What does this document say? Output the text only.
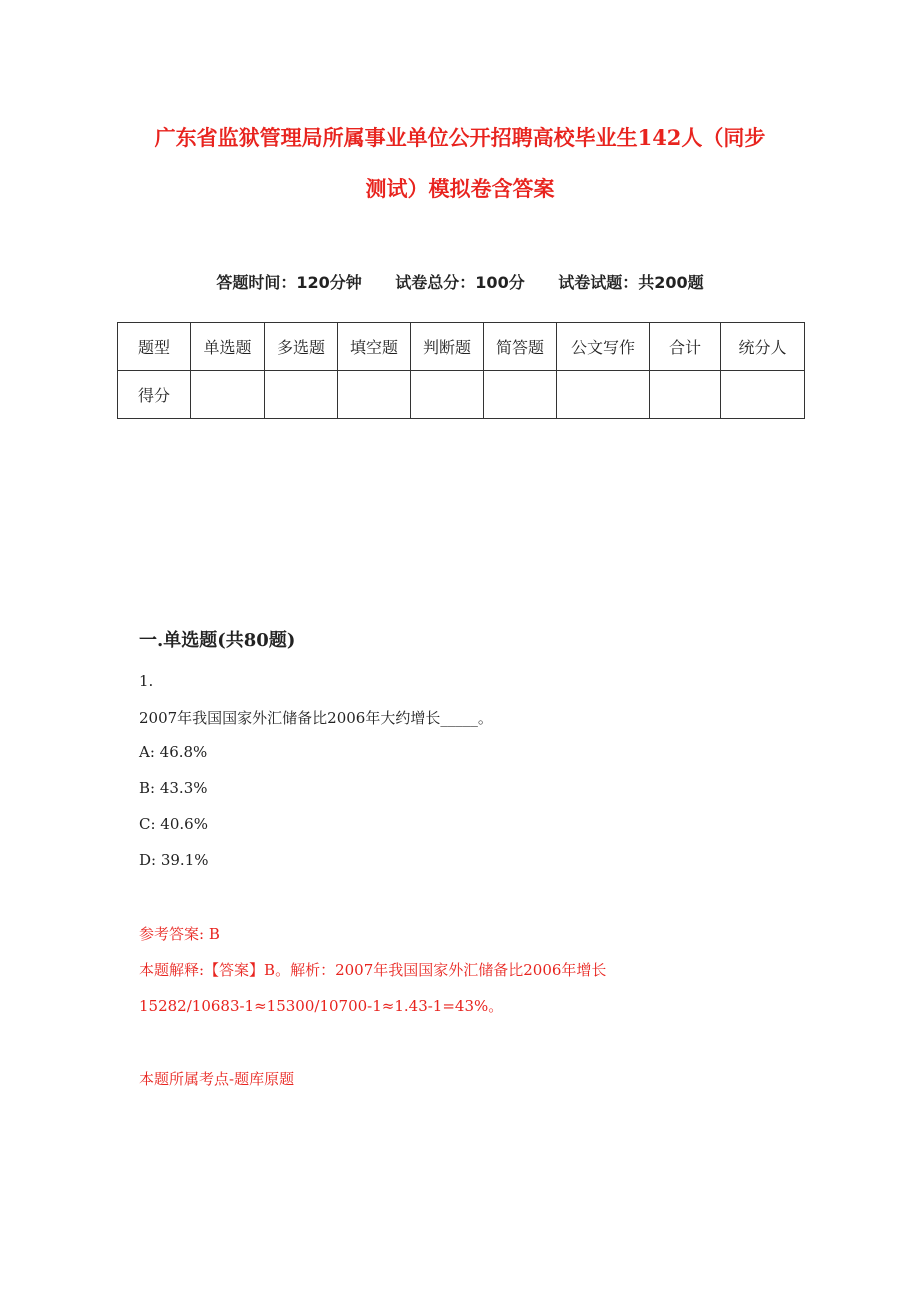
广东省监狱管理局所属事业单位公开招聘高校毕业生142人（同步
测试）模拟卷含答案
答题时间：120分钟 试卷总分：100分 试卷试题：共200题
题型	单选题	多选题	填空题	判断题	简答题	公文写作	合计	统分人
得分								
一.单选题(共80题)
1.
2007年我国国家外汇储备比2006年大约增长_____。
A: 46.8%
B: 43.3%
C: 40.6%
D: 39.1%
参考答案: B
本题解释:【答案】B。解析：2007年我国国家外汇储备比2006年增长
15282/10683-1≈15300/10700-1≈1.43-1=43%。
本题所属考点-题库原题
